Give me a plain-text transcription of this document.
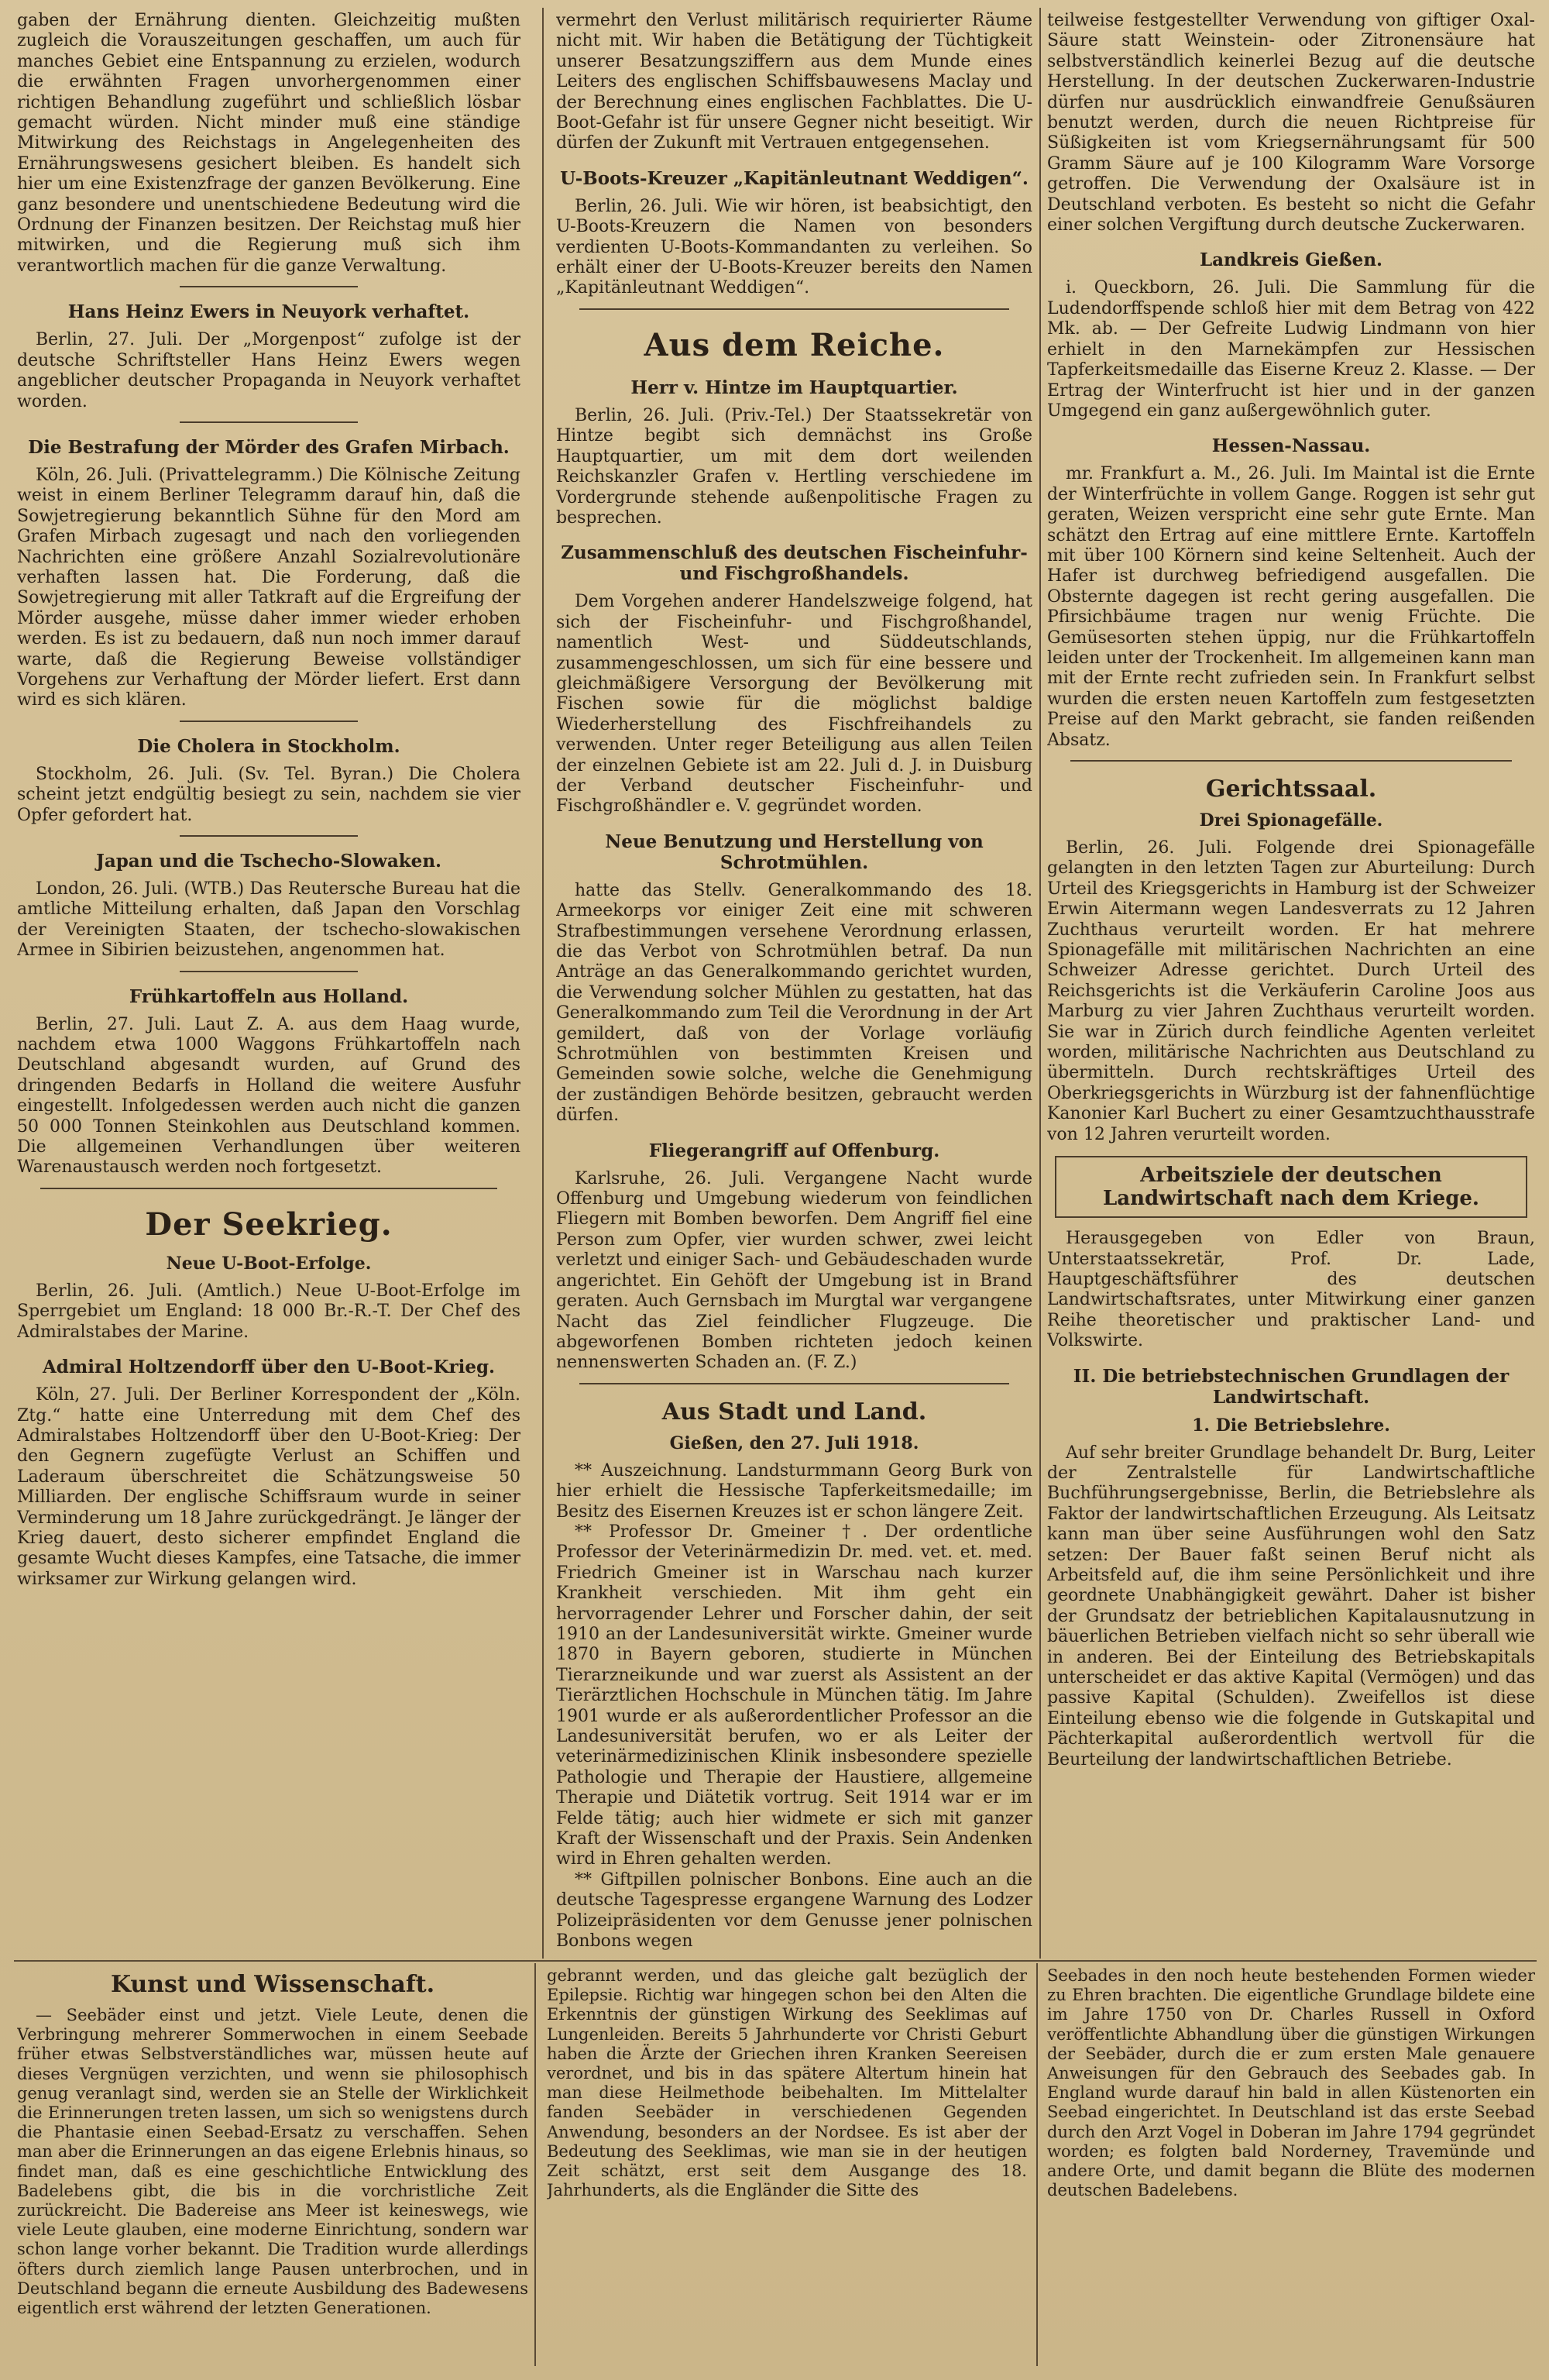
gaben der Ernährung dienten. Gleichzeitig mußten zugleich die Vorauszeitungen geschaffen, um auch für manches Gebiet eine Entspannung zu erzielen, wodurch die erwähnten Fragen unvorhergenommen einer richtigen Behandlung zugeführt und schließlich lösbar gemacht würden. Nicht minder muß eine ständige Mitwirkung des Reichstags in Angelegenheiten des Ernährungswesens gesichert bleiben. Es handelt sich hier um eine Existenzfrage der ganzen Bevölkerung. Eine ganz besondere und unentschiedene Bedeutung wird die Ordnung der Finanzen besitzen. Der Reichstag muß hier mitwirken, und die Regierung muß sich ihm verantwortlich machen für die ganze Verwaltung.

Hans Heinz Ewers in Neuyork verhaftet.

Berlin, 27. Juli. Der „Morgenpost“ zufolge ist der deutsche Schriftsteller Hans Heinz Ewers wegen angeblicher deutscher Propaganda in Neuyork verhaftet worden.

Die Bestrafung der Mörder des Grafen Mirbach.

Köln, 26. Juli. (Privattelegramm.) Die Kölnische Zeitung weist in einem Berliner Telegramm darauf hin, daß die Sowjetregierung bekanntlich Sühne für den Mord am Grafen Mirbach zugesagt und nach den vorliegenden Nachrichten eine größere Anzahl Sozialrevolutionäre verhaften lassen hat. Die Forderung, daß die Sowjetregierung mit aller Tatkraft auf die Ergreifung der Mörder ausgehe, müsse daher immer wieder erhoben werden. Es ist zu bedauern, daß nun noch immer darauf warte, daß die Regierung Beweise vollständiger Vorgehens zur Verhaftung der Mörder liefert. Erst dann wird es sich klären.

Die Cholera in Stockholm.

Stockholm, 26. Juli. (Sv. Tel. Byran.) Die Cholera scheint jetzt endgültig besiegt zu sein, nachdem sie vier Opfer gefordert hat.

Japan und die Tschecho-Slowaken.

London, 26. Juli. (WTB.) Das Reutersche Bureau hat die amtliche Mitteilung erhalten, daß Japan den Vorschlag der Vereinigten Staaten, der tschecho-slowakischen Armee in Sibirien beizustehen, angenommen hat.

Frühkartoffeln aus Holland.

Berlin, 27. Juli. Laut Z. A. aus dem Haag wurde, nachdem etwa 1000 Waggons Frühkartoffeln nach Deutschland abgesandt wurden, auf Grund des dringenden Bedarfs in Holland die weitere Ausfuhr eingestellt. Infolgedessen werden auch nicht die ganzen 50 000 Tonnen Steinkohlen aus Deutschland kommen. Die allgemeinen Verhandlungen über weiteren Warenaustausch werden noch fortgesetzt.

Der Seekrieg.
Neue U-Boot-Erfolge.

Berlin, 26. Juli. (Amtlich.) Neue U-Boot-Erfolge im Sperrgebiet um England: 18 000 Br.-R.-T. Der Chef des Admiralstabes der Marine.

Admiral Holtzendorff über den U-Boot-Krieg.

Köln, 27. Juli. Der Berliner Korrespondent der „Köln. Ztg.“ hatte eine Unterredung mit dem Chef des Admiralstabes Holtzendorff über den U-Boot-Krieg: Der den Gegnern zugefügte Verlust an Schiffen und Laderaum überschreitet die Schätzungsweise 50 Milliarden. Der englische Schiffsraum wurde in seiner Verminderung um 18 Jahre zurückgedrängt. Je länger der Krieg dauert, desto sicherer empfindet England die gesamte Wucht dieses Kampfes, eine Tatsache, die immer wirksamer zur Wirkung gelangen wird.

vermehrt den Verlust militärisch requirierter Räume nicht mit. Wir haben die Betätigung der Tüchtigkeit unserer Besatzungsziffern aus dem Munde eines Leiters des englischen Schiffsbauwesens Maclay und der Berechnung eines englischen Fachblattes. Die U-Boot-Gefahr ist für unsere Gegner nicht beseitigt. Wir dürfen der Zukunft mit Vertrauen entgegensehen.

U-Boots-Kreuzer „Kapitänleutnant Weddigen“.

Berlin, 26. Juli. Wie wir hören, ist beabsichtigt, den U-Boots-Kreuzern die Namen von besonders verdienten U-Boots-Kommandanten zu verleihen. So erhält einer der U-Boots-Kreuzer bereits den Namen „Kapitänleutnant Weddigen“.

Aus dem Reiche.
Herr v. Hintze im Hauptquartier.

Berlin, 26. Juli. (Priv.-Tel.) Der Staatssekretär von Hintze begibt sich demnächst ins Große Hauptquartier, um mit dem dort weilenden Reichskanzler Grafen v. Hertling verschiedene im Vordergrunde stehende außenpolitische Fragen zu besprechen.

Zusammenschluß des deutschen Fischeinfuhr- und Fischgroßhandels.

Dem Vorgehen anderer Handelszweige folgend, hat sich der Fischeinfuhr- und Fischgroßhandel, namentlich West- und Süddeutschlands, zusammengeschlossen, um sich für eine bessere und gleichmäßigere Versorgung der Bevölkerung mit Fischen sowie für die möglichst baldige Wiederherstellung des Fischfreihandels zu verwenden. Unter reger Beteiligung aus allen Teilen der einzelnen Gebiete ist am 22. Juli d. J. in Duisburg der Verband deutscher Fischeinfuhr- und Fischgroßhändler e. V. gegründet worden.

Neue Benutzung und Herstellung von Schrotmühlen.

hatte das Stellv. Generalkommando des 18. Armeekorps vor einiger Zeit eine mit schweren Strafbestimmungen versehene Verordnung erlassen, die das Verbot von Schrotmühlen betraf. Da nun Anträge an das Generalkommando gerichtet wurden, die Verwendung solcher Mühlen zu gestatten, hat das Generalkommando zum Teil die Verordnung in der Art gemildert, daß von der Vorlage vorläufig Schrotmühlen von bestimmten Kreisen und Gemeinden sowie solche, welche die Genehmigung der zuständigen Behörde besitzen, gebraucht werden dürfen.

Fliegerangriff auf Offenburg.

Karlsruhe, 26. Juli. Vergangene Nacht wurde Offenburg und Umgebung wiederum von feindlichen Fliegern mit Bomben beworfen. Dem Angriff fiel eine Person zum Opfer, vier wurden schwer, zwei leicht verletzt und einiger Sach- und Gebäudeschaden wurde angerichtet. Ein Gehöft der Umgebung ist in Brand geraten. Auch Gernsbach im Murgtal war vergangene Nacht das Ziel feindlicher Flugzeuge. Die abgeworfenen Bomben richteten jedoch keinen nennenswerten Schaden an. (F. Z.)

Aus Stadt und Land.
Gießen, den 27. Juli 1918.

** Auszeichnung. Landsturmmann Georg Burk von hier erhielt die Hessische Tapferkeitsmedaille; im Besitz des Eisernen Kreuzes ist er schon längere Zeit.

** Professor Dr. Gmeiner †. Der ordentliche Professor der Veterinärmedizin Dr. med. vet. et. med. Friedrich Gmeiner ist in Warschau nach kurzer Krankheit verschieden. Mit ihm geht ein hervorragender Lehrer und Forscher dahin, der seit 1910 an der Landesuniversität wirkte. Gmeiner wurde 1870 in Bayern geboren, studierte in München Tierarzneikunde und war zuerst als Assistent an der Tierärztlichen Hochschule in München tätig. Im Jahre 1901 wurde er als außerordentlicher Professor an die Landesuniversität berufen, wo er als Leiter der veterinärmedizinischen Klinik insbesondere spezielle Pathologie und Therapie der Haustiere, allgemeine Therapie und Diätetik vortrug. Seit 1914 war er im Felde tätig; auch hier widmete er sich mit ganzer Kraft der Wissenschaft und der Praxis. Sein Andenken wird in Ehren gehalten werden.

** Giftpillen polnischer Bonbons. Eine auch an die deutsche Tagespresse ergangene Warnung des Lodzer Polizeipräsidenten vor dem Genusse jener polnischen Bonbons wegen

teilweise festgestellter Verwendung von giftiger Oxal-Säure statt Weinstein- oder Zitronensäure hat selbstverständlich keinerlei Bezug auf die deutsche Herstellung. In der deutschen Zuckerwaren-Industrie dürfen nur ausdrücklich einwandfreie Genußsäuren benutzt werden, durch die neuen Richtpreise für Süßigkeiten ist vom Kriegsernährungsamt für 500 Gramm Säure auf je 100 Kilogramm Ware Vorsorge getroffen. Die Verwendung der Oxalsäure ist in Deutschland verboten. Es besteht so nicht die Gefahr einer solchen Vergiftung durch deutsche Zuckerwaren.

Landkreis Gießen.

i. Queckborn, 26. Juli. Die Sammlung für die Ludendorffspende schloß hier mit dem Betrag von 422 Mk. ab. — Der Gefreite Ludwig Lindmann von hier erhielt in den Marnekämpfen zur Hessischen Tapferkeitsmedaille das Eiserne Kreuz 2. Klasse. — Der Ertrag der Winterfrucht ist hier und in der ganzen Umgegend ein ganz außergewöhnlich guter.

Hessen-Nassau.

mr. Frankfurt a. M., 26. Juli. Im Maintal ist die Ernte der Winterfrüchte in vollem Gange. Roggen ist sehr gut geraten, Weizen verspricht eine sehr gute Ernte. Man schätzt den Ertrag auf eine mittlere Ernte. Kartoffeln mit über 100 Körnern sind keine Seltenheit. Auch der Hafer ist durchweg befriedigend ausgefallen. Die Obsternte dagegen ist recht gering ausgefallen. Die Pfirsichbäume tragen nur wenig Früchte. Die Gemüsesorten stehen üppig, nur die Frühkartoffeln leiden unter der Trockenheit. Im allgemeinen kann man mit der Ernte recht zufrieden sein. In Frankfurt selbst wurden die ersten neuen Kartoffeln zum festgesetzten Preise auf den Markt gebracht, sie fanden reißenden Absatz.

Gerichtssaal.
Drei Spionagefälle.

Berlin, 26. Juli. Folgende drei Spionagefälle gelangten in den letzten Tagen zur Aburteilung: Durch Urteil des Kriegsgerichts in Hamburg ist der Schweizer Erwin Aitermann wegen Landesverrats zu 12 Jahren Zuchthaus verurteilt worden. Er hat mehrere Spionagefälle mit militärischen Nachrichten an eine Schweizer Adresse gerichtet. Durch Urteil des Reichsgerichts ist die Verkäuferin Caroline Joos aus Marburg zu vier Jahren Zuchthaus verurteilt worden. Sie war in Zürich durch feindliche Agenten verleitet worden, militärische Nachrichten aus Deutschland zu übermitteln. Durch rechtskräftiges Urteil des Oberkriegsgerichts in Würzburg ist der fahnenflüchtige Kanonier Karl Buchert zu einer Gesamtzuchthausstrafe von 12 Jahren verurteilt worden.

Arbeitsziele der deutschen Landwirtschaft nach dem Kriege.

Herausgegeben von Edler von Braun, Unterstaatssekretär, Prof. Dr. Lade, Hauptgeschäftsführer des deutschen Landwirtschaftsrates, unter Mitwirkung einer ganzen Reihe theoretischer und praktischer Land- und Volkswirte.

II. Die betriebstechnischen Grundlagen der Landwirtschaft.
1. Die Betriebslehre.

Auf sehr breiter Grundlage behandelt Dr. Burg, Leiter der Zentralstelle für Landwirtschaftliche Buchführungsergebnisse, Berlin, die Betriebslehre als Faktor der landwirtschaftlichen Erzeugung. Als Leitsatz kann man über seine Ausführungen wohl den Satz setzen: Der Bauer faßt seinen Beruf nicht als Arbeitsfeld auf, die ihm seine Persönlichkeit und ihre geordnete Unabhängigkeit gewährt. Daher ist bisher der Grundsatz der betrieblichen Kapitalausnutzung in bäuerlichen Betrieben vielfach nicht so sehr überall wie in anderen. Bei der Einteilung des Betriebskapitals unterscheidet er das aktive Kapital (Vermögen) und das passive Kapital (Schulden). Zweifellos ist diese Einteilung ebenso wie die folgende in Gutskapital und Pächterkapital außerordentlich wertvoll für die Beurteilung der landwirtschaftlichen Betriebe.

Kunst und Wissenschaft.

— Seebäder einst und jetzt. Viele Leute, denen die Verbringung mehrerer Sommerwochen in einem Seebade früher etwas Selbstverständliches war, müssen heute auf dieses Vergnügen verzichten, und wenn sie philosophisch genug veranlagt sind, werden sie an Stelle der Wirklichkeit die Erinnerungen treten lassen, um sich so wenigstens durch die Phantasie einen Seebad-Ersatz zu verschaffen. Sehen man aber die Erinnerungen an das eigene Erlebnis hinaus, so findet man, daß es eine geschichtliche Entwicklung des Badelebens gibt, die bis in die vorchristliche Zeit zurückreicht. Die Badereise ans Meer ist keineswegs, wie viele Leute glauben, eine moderne Einrichtung, sondern war schon lange vorher bekannt. Die Tradition wurde allerdings öfters durch ziemlich lange Pausen unterbrochen, und in Deutschland begann die erneute Ausbildung des Badewesens eigentlich erst während der letzten Generationen.

gebrannt werden, und das gleiche galt bezüglich der Epilepsie. Richtig war hingegen schon bei den Alten die Erkenntnis der günstigen Wirkung des Seeklimas auf Lungenleiden. Bereits 5 Jahrhunderte vor Christi Geburt haben die Ärzte der Griechen ihren Kranken Seereisen verordnet, und bis in das spätere Altertum hinein hat man diese Heilmethode beibehalten. Im Mittelalter fanden Seebäder in verschiedenen Gegenden Anwendung, besonders an der Nordsee. Es ist aber der Bedeutung des Seeklimas, wie man sie in der heutigen Zeit schätzt, erst seit dem Ausgange des 18. Jahrhunderts, als die Engländer die Sitte des

Seebades in den noch heute bestehenden Formen wieder zu Ehren brachten. Die eigentliche Grundlage bildete eine im Jahre 1750 von Dr. Charles Russell in Oxford veröffentlichte Abhandlung über die günstigen Wirkungen der Seebäder, durch die er zum ersten Male genauere Anweisungen für den Gebrauch des Seebades gab. In England wurde darauf hin bald in allen Küstenorten ein Seebad eingerichtet. In Deutschland ist das erste Seebad durch den Arzt Vogel in Doberan im Jahre 1794 gegründet worden; es folgten bald Norderney, Travemünde und andere Orte, und damit begann die Blüte des modernen deutschen Badelebens.
